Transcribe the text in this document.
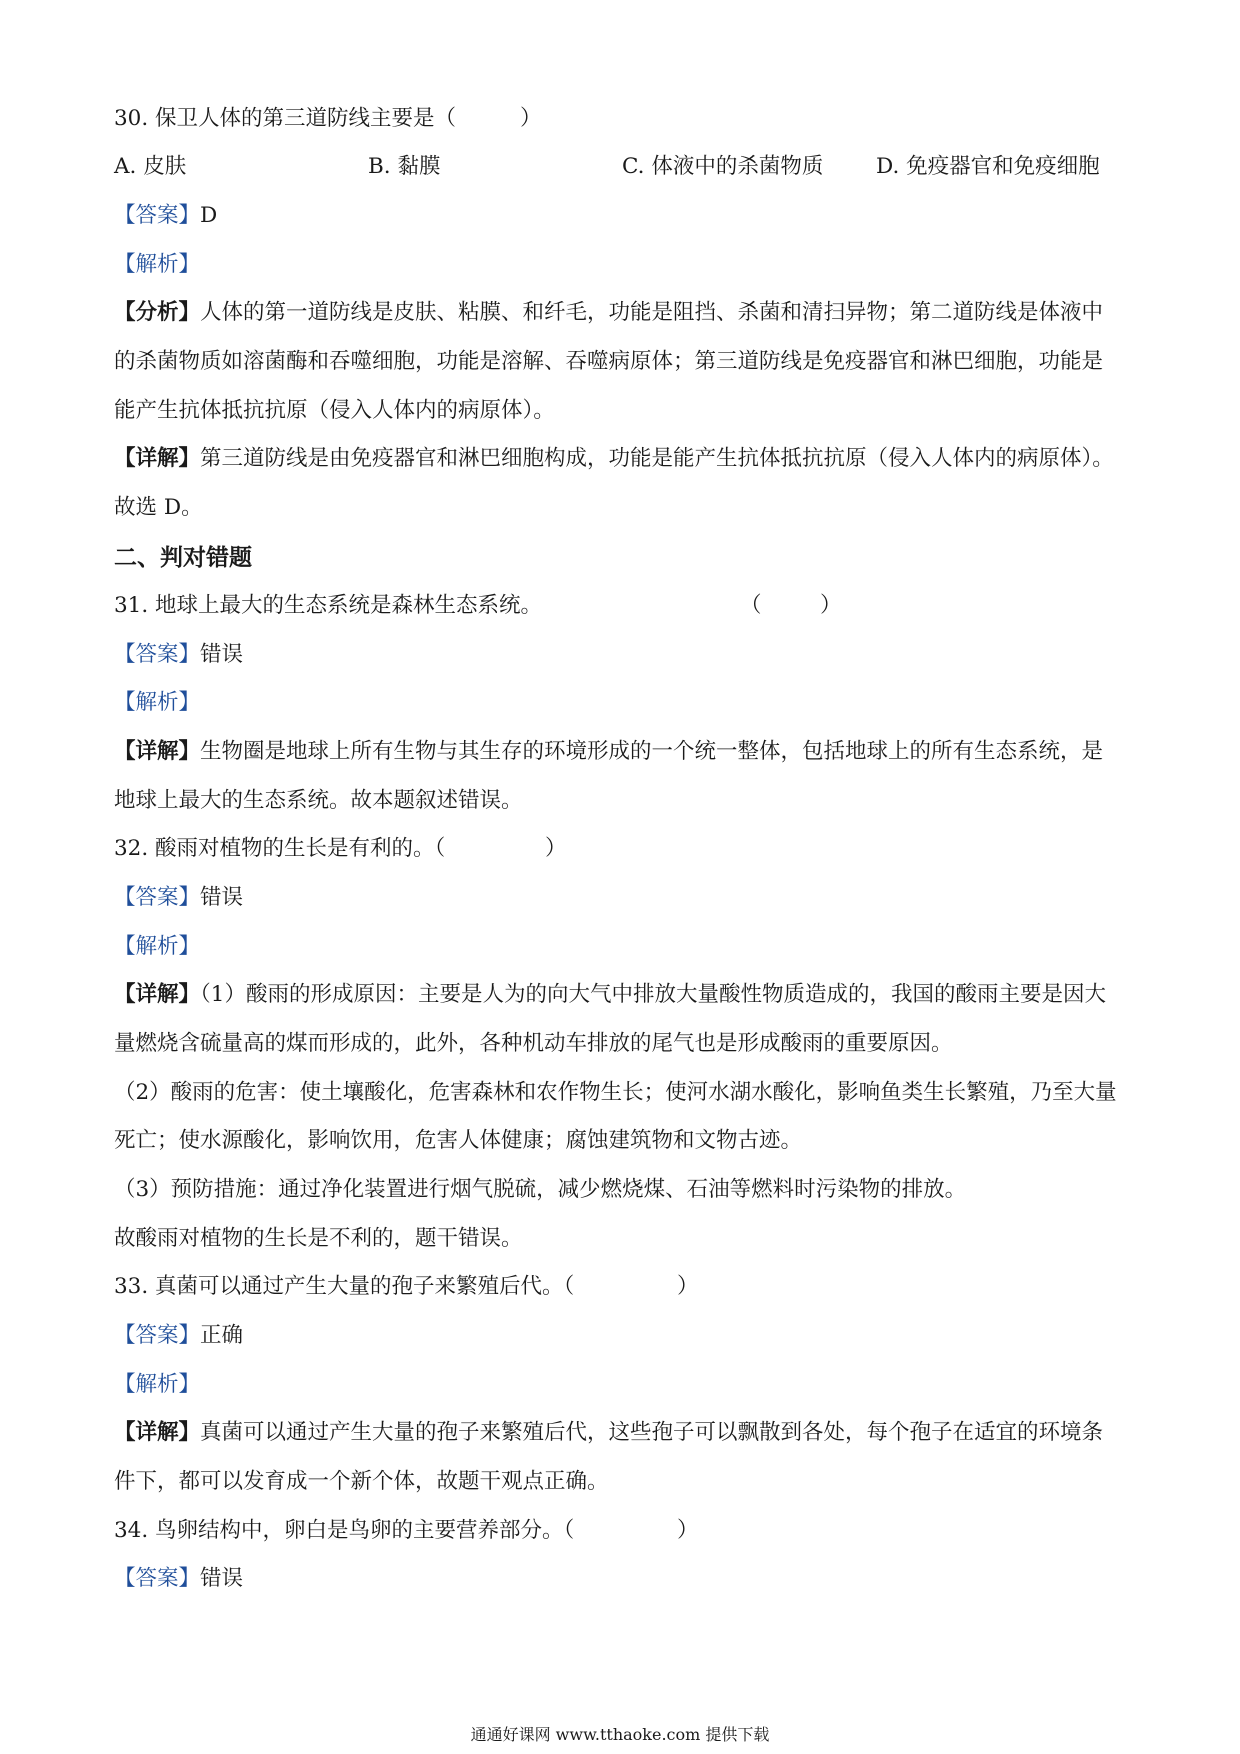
30. 保卫人体的第三道防线主要是（	）
A. 皮肤	B. 黏膜	C. 体液中的杀菌物质 D. 免疫器官和免疫细胞
【答案】D
【解析】
【分析】人体的第一道防线是皮肤、粘膜、和纤毛，功能是阻挡、杀菌和清扫异物；第二道防线是体液中
的杀菌物质如溶菌酶和吞噬细胞，功能是溶解、吞噬病原体；第三道防线是免疫器官和淋巴细胞，功能是
能产生抗体抵抗抗原（侵入人体内的病原体）。
【详解】第三道防线是由免疫器官和淋巴细胞构成，功能是能产生抗体抵抗抗原（侵入人体内的病原体）。
故选 D。
二、判对错题
31. 地球上最大的生态系统是森林生态系统。	（	）
【答案】错误
【解析】
【详解】生物圈是地球上所有生物与其生存的环境形成的一个统一整体，包括地球上的所有生态系统，是
地球上最大的生态系统。故本题叙述错误。
32. 酸雨对植物的生长是有利的。（	）
【答案】错误
【解析】
【详解】（1）酸雨的形成原因：主要是人为的向大气中排放大量酸性物质造成的，我国的酸雨主要是因大
量燃烧含硫量高的煤而形成的，此外，各种机动车排放的尾气也是形成酸雨的重要原因。
（2）酸雨的危害：使土壤酸化，危害森林和农作物生长；使河水湖水酸化，影响鱼类生长繁殖，乃至大量
死亡；使水源酸化，影响饮用，危害人体健康；腐蚀建筑物和文物古迹。
（3）预防措施：通过净化装置进行烟气脱硫，减少燃烧煤、石油等燃料时污染物的排放。
故酸雨对植物的生长是不利的，题干错误。
33. 真菌可以通过产生大量的孢子来繁殖后代。（	）
【答案】正确
【解析】
【详解】真菌可以通过产生大量的孢子来繁殖后代，这些孢子可以飘散到各处，每个孢子在适宜的环境条
件下，都可以发育成一个新个体，故题干观点正确。
34. 鸟卵结构中，卵白是鸟卵的主要营养部分。（	）
【答案】错误
通通好课网 www.tthaoke.com 提供下载
